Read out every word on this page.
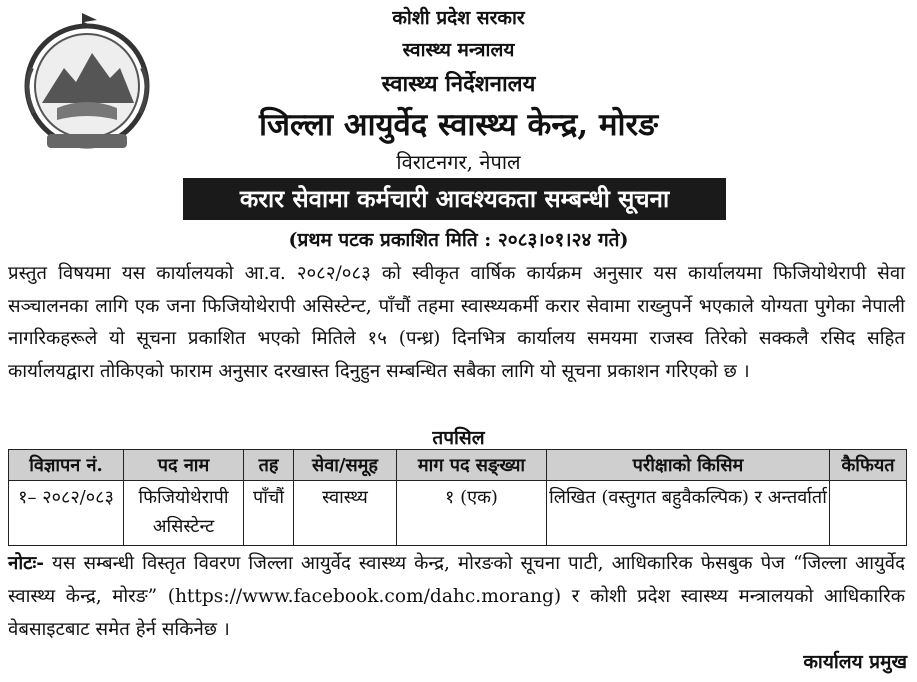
कोशी प्रदेश सरकार
स्वास्थ्य मन्त्रालय
स्वास्थ्य निर्देशनालय
जिल्ला आयुर्वेद स्वास्थ्य केन्द्र, मोरङ
विराटनगर, नेपाल
करार सेवामा कर्मचारी आवश्यकता सम्बन्धी सूचना
(प्रथम पटक प्रकाशित मिति : २०८३।०१।२४ गते)

प्रस्तुत विषयमा यस कार्यालयको आ.व. २०८२/०८३ को स्वीकृत वार्षिक कार्यक्रम अनुसार यस कार्यालयमा फिजियोथेरापी सेवा सञ्चालनका लागि एक जना फिजियोथेरापी असिस्टेन्ट, पाँचौं तहमा स्वास्थ्यकर्मी करार सेवामा राख्नुपर्ने भएकाले योग्यता पुगेका नेपाली नागरिकहरूले यो सूचना प्रकाशित भएको मितिले १५ (पन्ध्र) दिनभित्र कार्यालय समयमा राजस्व तिरेको सक्कलै रसिद सहित कार्यालयद्वारा तोकिएको फाराम अनुसार दरखास्त दिनुहुन सम्बन्धित सबैका लागि यो सूचना प्रकाशन गरिएको छ ।

तपसिल
विज्ञापन नं.	पद नाम	तह	सेवा/समूह	माग पद सङ्ख्या	परीक्षाको किसिम	कैफियत
१– २०८२/०८३	फिजियोथेरापी असिस्टेन्ट	पाँचौं	स्वास्थ्य	१ (एक)	लिखित (वस्तुगत बहुवैकल्पिक) र अन्तर्वार्ता	

नोटः- यस सम्बन्धी विस्तृत विवरण जिल्ला आयुर्वेद स्वास्थ्य केन्द्र, मोरङको सूचना पाटी, आधिकारिक फेसबुक पेज “जिल्ला आयुर्वेद स्वास्थ्य केन्द्र, मोरङ” (https://www.facebook.com/dahc.morang) र कोशी प्रदेश स्वास्थ्य मन्त्रालयको आधिकारिक वेबसाइटबाट समेत हेर्न सकिनेछ ।

कार्यालय प्रमुख
